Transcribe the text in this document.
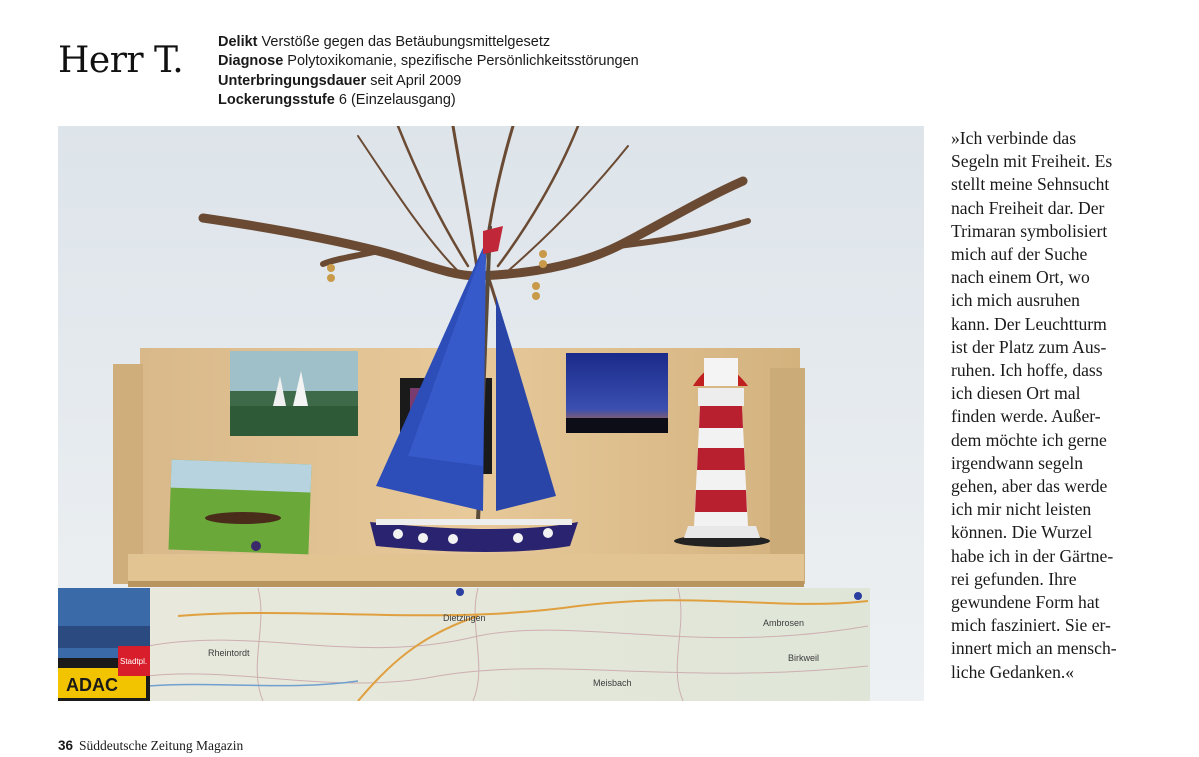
Herr T. Delikt Verstöße gegen das Betäubungsmittelgesetz
Diagnose Polytoxikomanie, spezifische Persönlichkeitsstörungen
Unterbringungsdauer seit April 2009
Lockerungsstufe 6 (Einzelausgang)
Rheintordt
Dietzingen
Meisbach
Ambrosen
Birkweil
ADAC
Stadtpl.

»Ich verbinde das
Segeln mit Freiheit. Es
stellt meine Sehnsucht
nach Freiheit dar. Der
Trimaran symbolisiert
mich auf der Suche
nach einem Ort, wo
ich mich ausruhen
kann. Der Leuchtturm
ist der Platz zum Aus-
ruhen. Ich hoffe, dass
ich diesen Ort mal
finden werde. Außer-
dem möchte ich gerne
irgendwann segeln
gehen, aber das werde
ich mir nicht leisten
können. Die Wurzel
habe ich in der Gärtne-
rei gefunden. Ihre
gewundene Form hat
mich fasziniert. Sie er-
innert mich an mensch-
liche Gedanken.«

36 Süddeutsche Zeitung Magazin
